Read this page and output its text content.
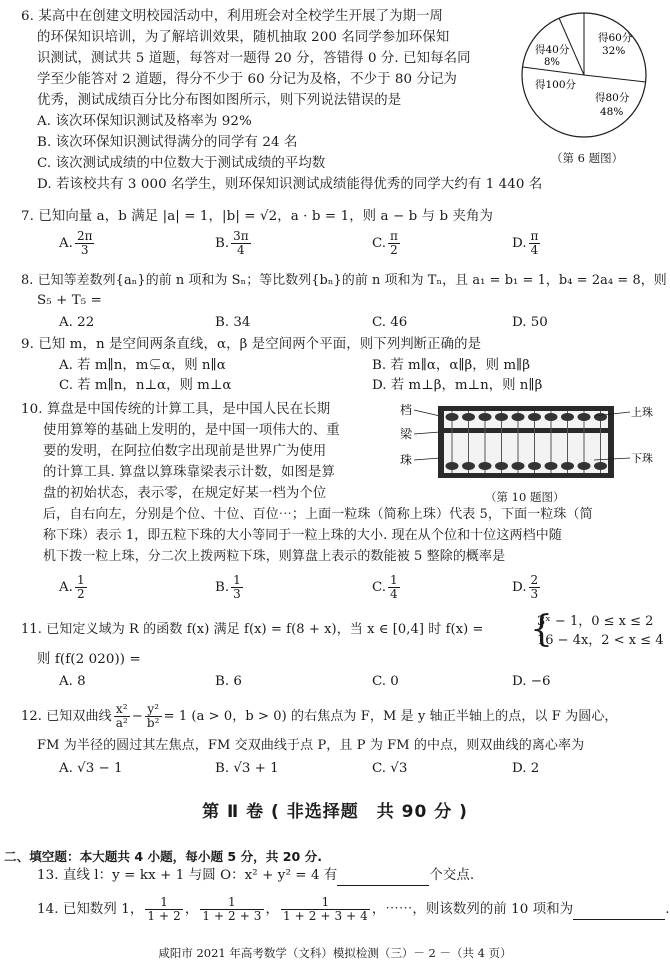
6. 某高中在创建文明校园活动中，利用班会对全校学生开展了为期一周
的环保知识培训，为了解培训效果，随机抽取 200 名同学参加环保知
识测试，测试共 5 道题，每答对一题得 20 分，答错得 0 分. 已知每名同
学至少能答对 2 道题，得分不少于 60 分记为及格，不少于 80 分记为
优秀，测试成绩百分比分布图如图所示，则下列说法错误的是
A. 该次环保知识测试及格率为 92%
B. 该次环保知识测试得满分的同学有 24 名
C. 该次测试成绩的中位数大于测试成绩的平均数
D. 若该校共有 3 000 名学生，则环保知识测试成绩能得优秀的同学大约有 1 440 名
得60分
32%
得40分
8%
得100分
得80分
48%
（第 6 题图）
7. 已知向量 a，b 满足 |a| = 1，|b| = √2，a · b = 1，则 a − b 与 b 夹角为
A. $\frac{2\pi}{3}$	B. $\frac{3\pi}{4}$	C. $\frac{\pi}{2}$	D. $\frac{\pi}{4}$
8. 已知等差数列{aₙ}的前 n 项和为 Sₙ；等比数列{bₙ}的前 n 项和为 Tₙ，且 a₁ = b₁ = 1，b₄ = 2a₄ = 8，则
S₅ + T₅ =
A. 22	B. 34	C. 46	D. 50
9. 已知 m，n 是空间两条直线，α，β 是空间两个平面，则下列判断正确的是
A. 若 m∥n，m⊊α，则 n∥α	B. 若 m∥α，α∥β，则 m∥β
C. 若 m∥n，n⊥α，则 m⊥α	D. 若 m⊥β，m⊥n，则 n∥β
10. 算盘是中国传统的计算工具，是中国人民在长期
使用算筹的基础上发明的，是中国一项伟大的、重
要的发明，在阿拉伯数字出现前是世界广为使用
的计算工具. 算盘以算珠靠梁表示计数，如图是算
盘的初始状态，表示零，在规定好某一档为个位
后，自右向左，分别是个位、十位、百位⋯；上面一粒珠（简称上珠）代表 5，下面一粒珠（简
称下珠）表示 1，即五粒下珠的大小等同于一粒上珠的大小. 现在从个位和十位这两档中随
机下拨一粒上珠，分二次上拨两粒下珠，则算盘上表示的数能被 5 整除的概率是
档
梁
珠
上珠
下珠
（第 10 题图）
A. $\frac{1}{2}$	B. $\frac{1}{3}$	C. $\frac{1}{4}$	D. $\frac{2}{3}$
11. 已知定义域为 R 的函数 f(x) 满足 f(x) = f(8 + x)，当 x ∈ [0,4] 时 f(x) = {
3ˣ − 1，0 ≤ x ≤ 2
16 − 4x，2 < x ≤ 4
则 f(f(2 020)) =
A. 8	B. 6	C. 0	D. −6
12. 已知双曲线 $\frac{\text{x²}}{\text{a²}} - \frac{\text{y²}}{\text{b²}} = 1$ (a > 0，b > 0) 的右焦点为 F，M 是 y 轴正半轴上的点，以 F 为圆心，
FM 为半径的圆过其左焦点，FM 交双曲线于点 P，且 P 为 FM 的中点，则双曲线的离心率为
A. √3 − 1	B. √3 + 1	C. √3	D. 2
第 Ⅱ 卷 ( 非选择题　共 90 分 )
二、填空题：本大题共 4 小题，每小题 5 分，共 20 分.
13. 直线 l：y = kx + 1 与圆 O：x² + y² = 4 有	个交点.
14. 已知数列 1， $\frac{1}{1 + 2}$ ， $\frac{1}{1 + 2 + 3}$ ， $\frac{1}{1 + 2 + 3 + 4}$ ，⋯⋯，则该数列的前 10 项和为	.
咸阳市 2021 年高考数学（文科）模拟检测（三）－ 2 －（共 4 页）
